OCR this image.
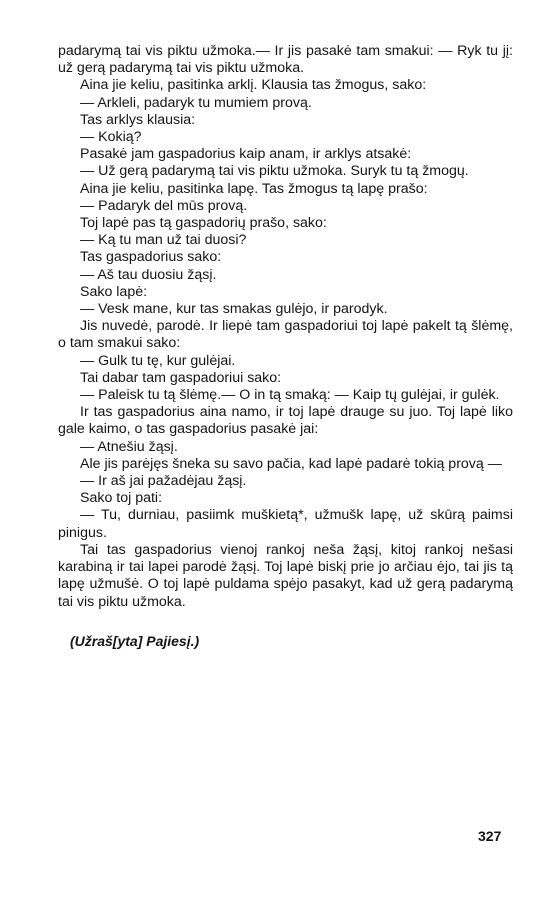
padarymą tai vis piktu užmoka.— Ir jis pasakė tam smakui: — Ryk tu jį: už gerą padarymą tai vis piktu užmoka.

Aina jie keliu, pasitinka arklį. Klausia tas žmogus, sako:

— Arkleli, padaryk tu mumiem provą.

Tas arklys klausia:

— Kokią?

Pasakė jam gaspadorius kaip anam, ir arklys atsakė:

— Už gerą padarymą tai vis piktu užmoka. Suryk tu tą žmogų.

Aina jie keliu, pasitinka lapę. Tas žmogus tą lapę prašo:

— Padaryk del mūs provą.

Toj lapė pas tą gaspadorių prašo, sako:

— Ką tu man už tai duosi?

Tas gaspadorius sako:

— Aš tau duosiu žąsį.

Sako lapė:

— Vesk mane, kur tas smakas gulėjo, ir parodyk.

Jis nuvedė, parodė. Ir liepė tam gaspadoriui toj lapė pakelt tą šlėmę, o tam smakui sako:

— Gulk tu tę, kur gulėjai.

Tai dabar tam gaspadoriui sako:

— Paleisk tu tą šlėmę.— O in tą smaką: — Kaip tų gulėjai, ir gulėk.

Ir tas gaspadorius aina namo, ir toj lapė drauge su juo. Toj lapė liko gale kaimo, o tas gaspadorius pasakė jai:

— Atnešiu žąsį.

Ale jis parėjęs šneka su savo pačia, kad lapė padarė tokią provą —

— Ir aš jai pažadėjau žąsį.

Sako toj pati:

— Tu, durniau, pasiimk muškietą*, užmušk lapę, už skūrą paimsi pinigus.

Tai tas gaspadorius vienoj rankoj neša žąsį, kitoj rankoj nešasi karabiną ir tai lapei parodė žąsį. Toj lapė biskį prie jo arčiau ėjo, tai jis tą lapę užmušė. O toj lapė puldama spėjo pasakyt, kad už gerą padarymą tai vis piktu užmoka.

(Užraš[yta] Pajiesį.)

327
